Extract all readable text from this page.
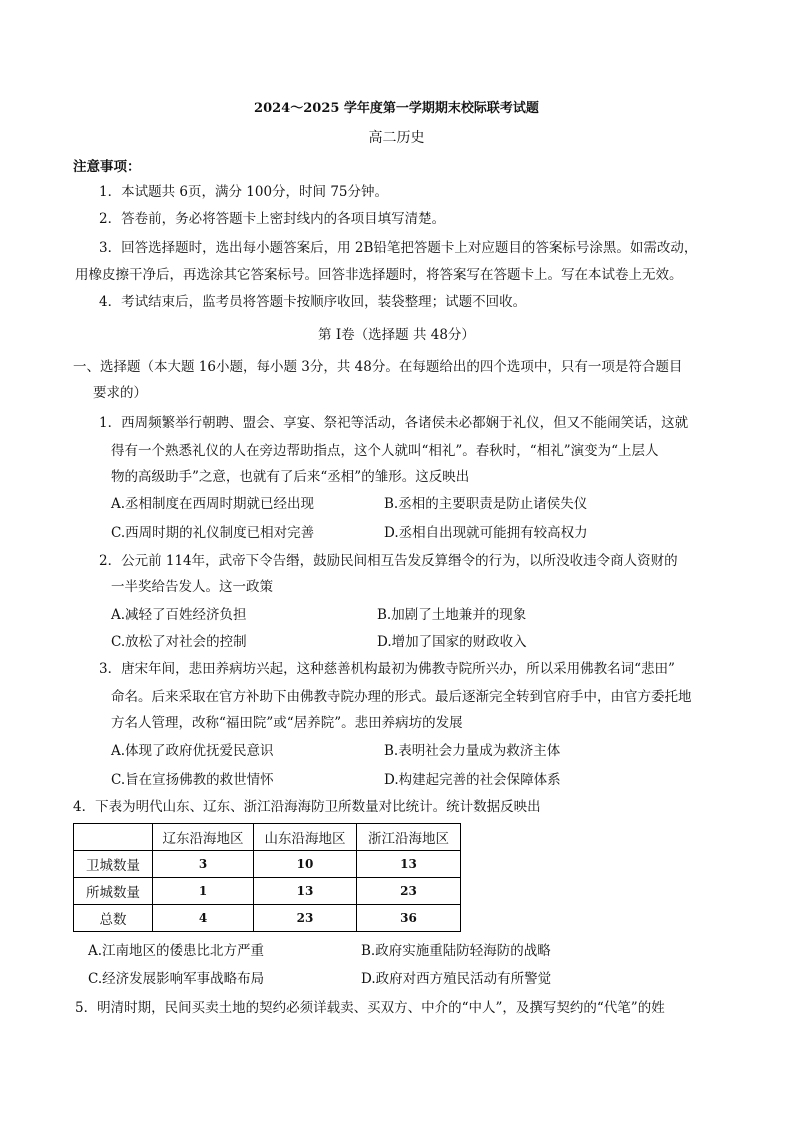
2024～2025 学年度第一学期期末校际联考试题
高二历史
注意事项：
1．本试题共 6页，满分 100分，时间 75分钟。
2．答卷前，务必将答题卡上密封线内的各项目填写清楚。
3．回答选择题时，选出每小题答案后，用 2B铅笔把答题卡上对应题目的答案标号涂黑。如需改动，
用橡皮擦干净后，再选涂其它答案标号。回答非选择题时，将答案写在答题卡上。写在本试卷上无效。
4．考试结束后，监考员将答题卡按顺序收回，装袋整理；试题不回收。
第 I卷（选择题 共 48分）
一、选择题（本大题 16小题，每小题 3分，共 48分。在每题给出的四个选项中，只有一项是符合题目
要求的）
1．西周频繁举行朝聘、盟会、享宴、祭祀等活动，各诸侯未必都娴于礼仪，但又不能闹笑话，这就
得有一个熟悉礼仪的人在旁边帮助指点，这个人就叫“相礼”。春秋时，“相礼”演变为“上层人
物的高级助手”之意，也就有了后来“丞相”的雏形。这反映出
A.丞相制度在西周时期就已经出现	B.丞相的主要职责是防止诸侯失仪
C.西周时期的礼仪制度已相对完善	D.丞相自出现就可能拥有较高权力
2．公元前 114年，武帝下令告缗，鼓励民间相互告发反算缗令的行为，以所没收违令商人资财的
一半奖给告发人。这一政策
A.减轻了百姓经济负担	B.加剧了土地兼并的现象
C.放松了对社会的控制	D.增加了国家的财政收入
3．唐宋年间，悲田养病坊兴起，这种慈善机构最初为佛教寺院所兴办，所以采用佛教名词“悲田”
命名。后来采取在官方补助下由佛教寺院办理的形式。最后逐渐完全转到官府手中，由官方委托地
方名人管理，改称“福田院”或“居养院”。悲田养病坊的发展
A.体现了政府优抚爱民意识	B.表明社会力量成为救济主体
C.旨在宣扬佛教的救世情怀	D.构建起完善的社会保障体系
4．下表为明代山东、辽东、浙江沿海海防卫所数量对比统计。统计数据反映出
	辽东沿海地区	山东沿海地区	浙江沿海地区
卫城数量	3	10	13
所城数量	1	13	23
总数	4	23	36
A.江南地区的倭患比北方严重	B.政府实施重陆防轻海防的战略
C.经济发展影响军事战略布局	D.政府对西方殖民活动有所警觉
5．明清时期，民间买卖土地的契约必须详载卖、买双方、中介的“中人”，及撰写契约的“代笔”的姓
